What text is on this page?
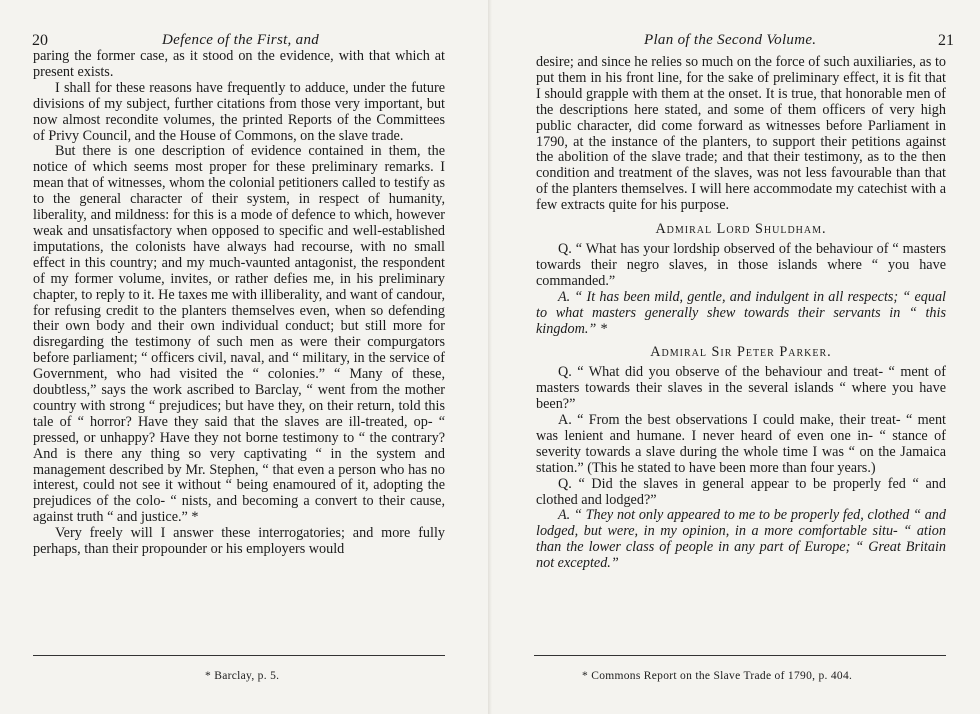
20	Defence of the First, and

paring the former case, as it stood on the evidence, with that which at present exists.

I shall for these reasons have frequently to adduce, under the future divisions of my subject, further citations from those very important, but now almost recondite volumes, the printed Reports of the Committees of Privy Council, and the House of Commons, on the slave trade.

But there is one description of evidence contained in them, the notice of which seems most proper for these preliminary remarks. I mean that of witnesses, whom the colonial petitioners called to testify as to the general character of their system, in respect of humanity, liberality, and mildness: for this is a mode of defence to which, however weak and unsatisfactory when opposed to specific and well-established imputations, the colonists have always had recourse, with no small effect in this country; and my much-vaunted antagonist, the respondent of my former volume, invites, or rather defies me, in his preliminary chapter, to reply to it. He taxes me with illiberality, and want of candour, for refusing credit to the planters themselves even, when so defending their own body and their own individual conduct; but still more for disregarding the testimony of such men as were their compurgators before parliament; “ officers civil, naval, and “ military, in the service of Government, who had visited the “ colonies.” “ Many of these, doubtless,” says the work ascribed to Barclay, “ went from the mother country with strong “ prejudices; but have they, on their return, told this tale of “ horror? Have they said that the slaves are ill-treated, op- “ pressed, or unhappy? Have they not borne testimony to “ the contrary? And is there any thing so very captivating “ in the system and management described by Mr. Stephen, “ that even a person who has no interest, could not see it without “ being enamoured of it, adopting the prejudices of the colo- “ nists, and becoming a convert to their cause, against truth “ and justice.” *

Very freely will I answer these interrogatories; and more fully perhaps, than their propounder or his employers would

* Barclay, p. 5.
Plan of the Second Volume.	21

desire; and since he relies so much on the force of such auxiliaries, as to put them in his front line, for the sake of preliminary effect, it is fit that I should grapple with them at the onset. It is true, that honorable men of the descriptions here stated, and some of them officers of very high public character, did come forward as witnesses before Parliament in 1790, at the instance of the planters, to support their petitions against the abolition of the slave trade; and that their testimony, as to the then condition and treatment of the slaves, was not less favourable than that of the planters themselves. I will here accommodate my catechist with a few extracts quite for his purpose.

Admiral Lord Shuldham.

Q. “ What has your lordship observed of the behaviour of “ masters towards their negro slaves, in those islands where “ you have commanded.”

A. “ It has been mild, gentle, and indulgent in all respects; “ equal to what masters generally shew towards their servants in “ this kingdom.” *

Admiral Sir Peter Parker.

Q. “ What did you observe of the behaviour and treat- “ ment of masters towards their slaves in the several islands “ where you have been?”

A. “ From the best observations I could make, their treat- “ ment was lenient and humane. I never heard of even one in- “ stance of severity towards a slave during the whole time I was “ on the Jamaica station.” (This he stated to have been more than four years.)

Q. “ Did the slaves in general appear to be properly fed “ and clothed and lodged?”

A. “ They not only appeared to me to be properly fed, clothed “ and lodged, but were, in my opinion, in a more comfortable situ- “ ation than the lower class of people in any part of Europe; “ Great Britain not excepted.”

* Commons Report on the Slave Trade of 1790, p. 404.
